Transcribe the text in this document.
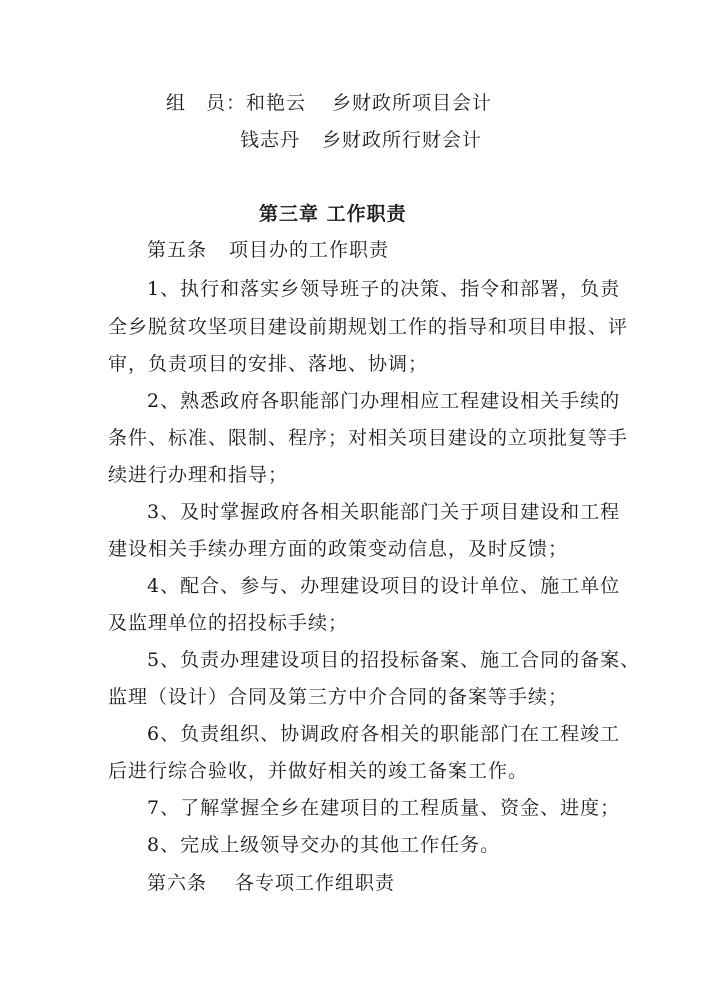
组　员：和艳云 乡财政所项目会计
钱志丹 乡财政所行财会计
第三章 工作职责
第五条 项目办的工作职责
1、执行和落实乡领导班子的决策、指令和部署，负责
全乡脱贫攻坚项目建设前期规划工作的指导和项目申报、评
审，负责项目的安排、落地、协调；
2、熟悉政府各职能部门办理相应工程建设相关手续的
条件、标准、限制、程序；对相关项目建设的立项批复等手
续进行办理和指导；
3、及时掌握政府各相关职能部门关于项目建设和工程
建设相关手续办理方面的政策变动信息，及时反馈；
4、配合、参与、办理建设项目的设计单位、施工单位
及监理单位的招投标手续；
5、负责办理建设项目的招投标备案、施工合同的备案、
监理（设计）合同及第三方中介合同的备案等手续；
6、负责组织、协调政府各相关的职能部门在工程竣工
后进行综合验收，并做好相关的竣工备案工作。
7、了解掌握全乡在建项目的工程质量、资金、进度；
8、完成上级领导交办的其他工作任务。
第六条 各专项工作组职责
